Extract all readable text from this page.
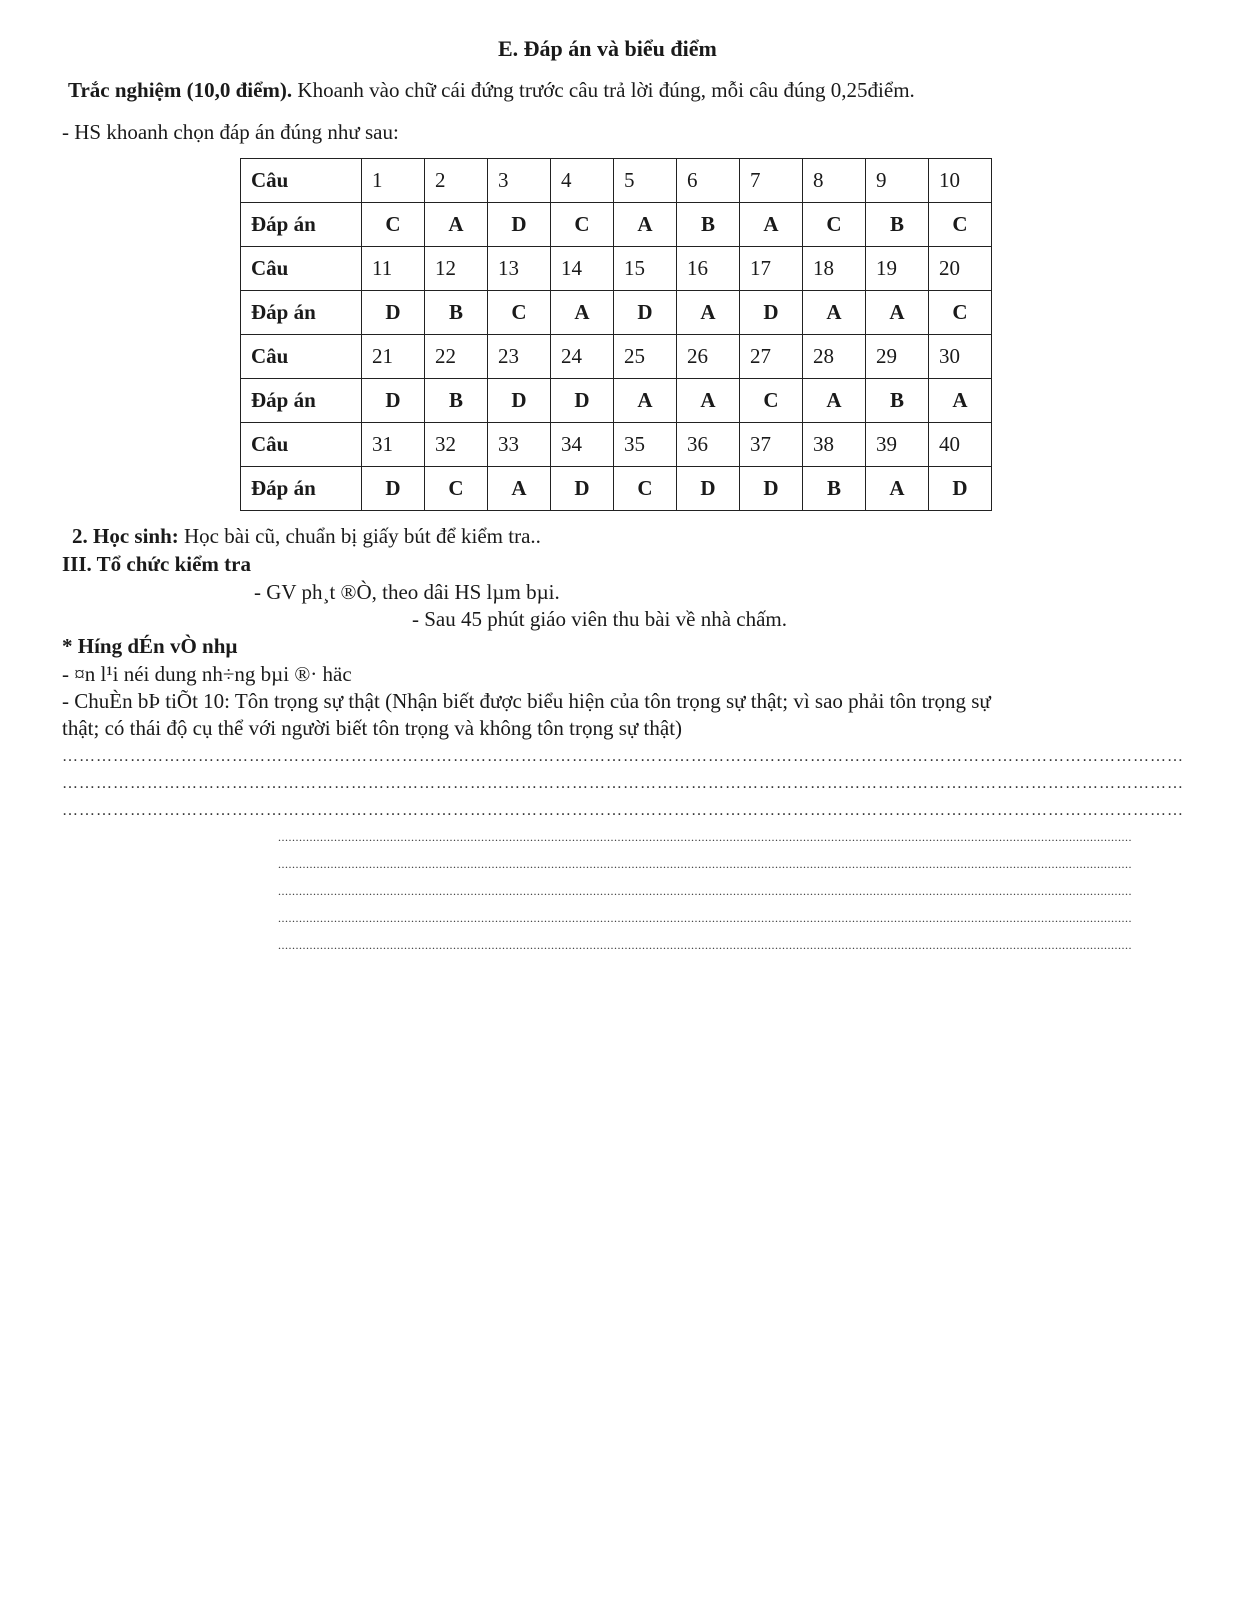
E. Đáp án và biểu điểm
Trắc nghiệm (10,0 điểm). Khoanh vào chữ cái đứng trước câu trả lời đúng, mỗi câu đúng 0,25điểm.
- HS khoanh chọn đáp án đúng như sau:
Câu	1	2	3	4	5	6	7	8	9	10
Đáp án	C	A	D	C	A	B	A	C	B	C
Câu	11	12	13	14	15	16	17	18	19	20
Đáp án	D	B	C	A	D	A	D	A	A	C
Câu	21	22	23	24	25	26	27	28	29	30
Đáp án	D	B	D	D	A	A	C	A	B	A
Câu	31	32	33	34	35	36	37	38	39	40
Đáp án	D	C	A	D	C	D	D	B	A	D
2. Học sinh: Học bài cũ, chuẩn bị giấy bút để kiểm tra..
III. Tổ chức kiểm tra
- GV ph¸t ®Ò, theo dâi HS lµm bµi.
- Sau 45 phút giáo viên thu bài về nhà chấm.
* Híng dÉn vÒ nhµ
- ¤n l¹i néi dung nh÷ng bµi ®· häc
- ChuÈn bÞ tiÕt 10: Tôn trọng sự thật (Nhận biết được biểu hiện của tôn trọng sự thật; vì sao phải tôn trọng sự
thật; có thái độ cụ thể với người biết tôn trọng và không tôn trọng sự thật)
………………………………………………………………………………………………………………………………………………………………………………
………………………………………………………………………………………………………………………………………………………………………………
………………………………………………………………………………………………………………………………………………………………………………
....................................................................................................................................................................................................................................................
....................................................................................................................................................................................................................................................
....................................................................................................................................................................................................................................................
....................................................................................................................................................................................................................................................
....................................................................................................................................................................................................................................................
